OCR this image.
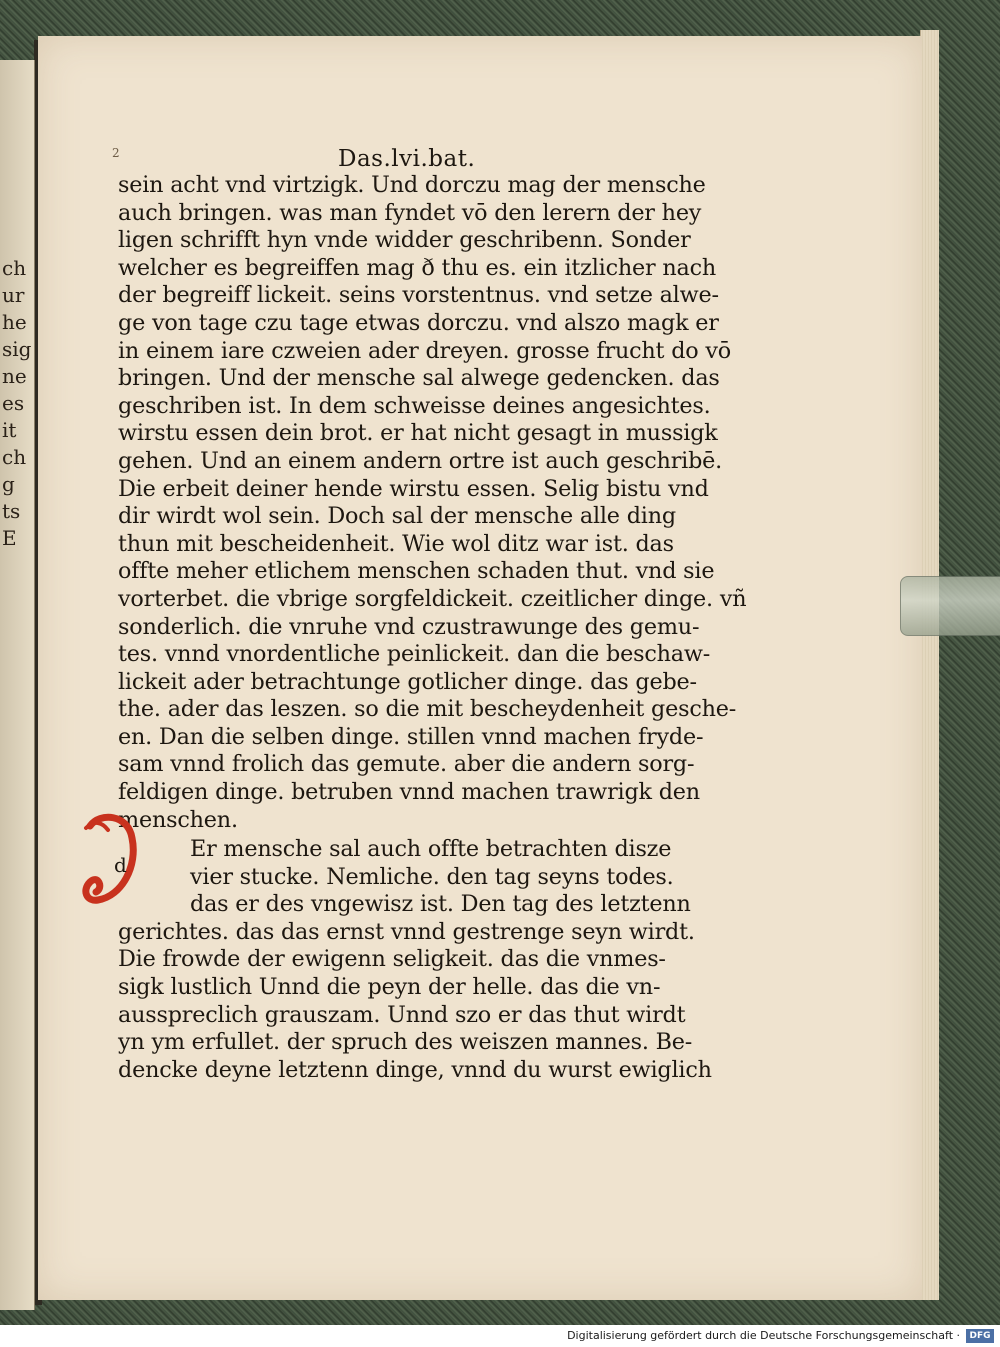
ch
ur
he
sig
ne
es
it
ch
g
ts
E
2	Das.lvi.bat.
sein acht vnd virtzigk. Und dorczu mag der mensche
auch bringen. was man fyndet vō den lerern der hey
ligen schrifft hyn vnde widder geschribenn. Sonder
welcher es begreiffen mag ð thu es. ein itzlicher nach
der begreiff lickeit. seins vorstentnus. vnd setze alwe-
ge von tage czu tage etwas dorczu. vnd alszo magk er
in einem iare czweien ader dreyen. grosse frucht do vō
bringen. Und der mensche sal alwege gedencken. das
geschriben ist. In dem schweisse deines angesichtes.
wirstu essen dein brot. er hat nicht gesagt in mussigk
gehen. Und an einem andern ortre ist auch geschribē.
Die erbeit deiner hende wirstu essen. Selig bistu vnd
dir wirdt wol sein. Doch sal der mensche alle ding
thun mit bescheidenheit. Wie wol ditz war ist. das
offte meher etlichem menschen schaden thut. vnd sie
vorterbet. die vbrige sorgfeldickeit. czeitlicher dinge. vñ
sonderlich. die vnruhe vnd czustrawunge des gemu-
tes. vnnd vnordentliche peinlickeit. dan die beschaw-
lickeit ader betrachtunge gotlicher dinge. das gebe-
the. ader das leszen. so die mit bescheydenheit gesche-
en. Dan die selben dinge. stillen vnnd machen fryde-
sam vnnd frolich das gemute. aber die andern sorg-
feldigen dinge. betruben vnnd machen trawrigk den
menschen.
d
Er mensche sal auch offte betrachten disze
vier stucke. Nemliche. den tag seyns todes.
das er des vngewisz ist. Den tag des letztenn
gerichtes. das das ernst vnnd gestrenge seyn wirdt.
Die frowde der ewigenn seligkeit. das die vnmes-
sigk lustlich Unnd die peyn der helle. das die vn-
ausspreclich grauszam. Unnd szo er das thut wirdt
yn ym erfullet. der spruch des weiszen mannes. Be-
dencke deyne letztenn dinge, vnnd du wurst ewiglich
Digitalisierung gefördert durch die Deutsche Forschungsgemeinschaft ·	DFG
